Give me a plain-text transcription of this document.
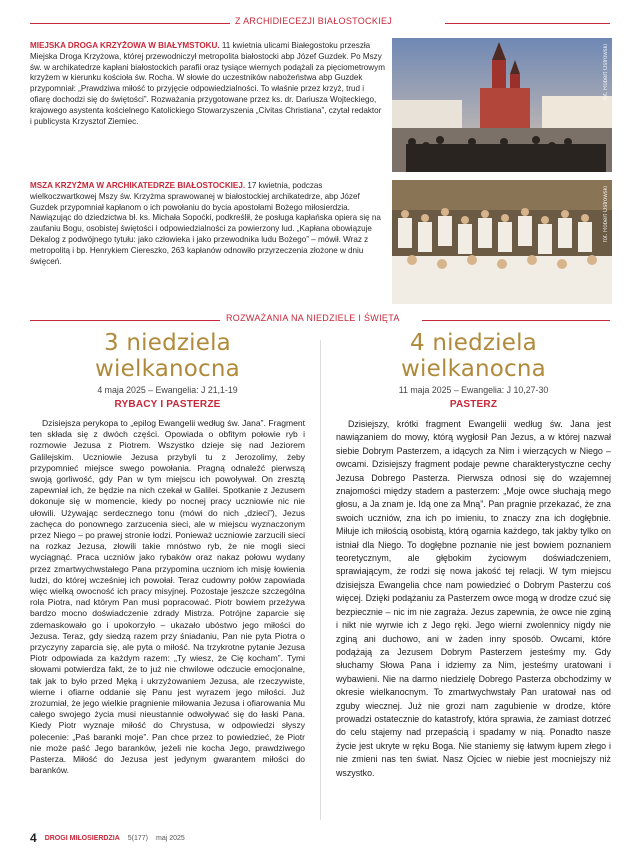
Z ARCHIDIECEZJI BIAŁOSTOCKIEJ
MIEJSKA DROGA KRZYŻOWA W BIAŁYMSTOKU. 11 kwietnia ulicami Białegostoku przeszła Miejska Droga Krzyżowa, której przewodniczył metropolita białostocki abp Józef Guzdek. Po Mszy św. w archikatedrze kapłani białostockich parafii oraz tysiące wiernych podążali za pięciometrowym krzyżem w kierunku kościoła św. Rocha. W słowie do uczestników nabożeństwa abp Guzdek przypomniał: „Prawdziwa miłość to przyjęcie odpowiedzialności. To właśnie przez krzyż, trud i ofiarę dochodzi się do świętości”. Rozważania przygotowane przez ks. dr. Dariusza Wojteckiego, krajowego asystenta kościelnego Katolickiego Stowarzyszenia „Civitas Christiana”, czytał redaktor i publicysta Krzysztof Ziemiec.
fot. Robert Ostrowski
MSZA KRZYŻMA W ARCHIKATEDRZE BIAŁOSTOCKIEJ. 17 kwietnia, podczas wielkoczwartkowej Mszy św. Krzyżma sprawowanej w białostockiej archikatedrze, abp Józef Guzdek przypomniał kapłanom o ich powołaniu do bycia apostołami Bożego miłosierdzia. Nawiązując do dziedzictwa bł. ks. Michała Sopoćki, podkreślił, że posługa kapłańska opiera się na zaufaniu Bogu, osobistej świętości i odpowiedzialności za powierzony lud. „Kapłana obowiązuje Dekalog z podwójnego tytułu: jako człowieka i jako przewodnika ludu Bożego” – mówił. Wraz z metropolitą i bp. Henrykiem Ciereszko, 263 kapłanów odnowiło przyrzeczenia złożone w dniu święceń.
fot. Robert Ostrowski
ROZWAŻANIA NA NIEDZIELE I ŚWIĘTA
3 niedziela wielkanocna
4 maja 2025 – Ewangelia: J 21,1-19
RYBACY I PASTERZE
Dzisiejsza perykopa to „epilog Ewangelii według św. Jana”. Fragment ten składa się z dwóch części. Opowiada o obfitym połowie ryb i rozmowie Jezusa z Piotrem. Wszystko dzieje się nad Jeziorem Galilejskim. Uczniowie Jezusa przybyli tu z Jerozolimy, żeby przypomnieć miejsce swego powołania. Pragną odnaleźć pierwszą swoją gorliwość, gdy Pan w tym miejscu ich powoływał. On zresztą zapewniał ich, że będzie na nich czekał w Galilei. Spotkanie z Jezusem dokonuje się w momencie, kiedy po nocnej pracy uczniowie nic nie ułowili. Używając serdecznego tonu (mówi do nich „dzieci”), Jezus zachęca do ponownego zarzucenia sieci, ale w miejscu wyznaczonym przez Niego – po prawej stronie łodzi. Ponieważ uczniowie zarzucili sieci na rozkaz Jezusa, złowili takie mnóstwo ryb, że nie mogli sieci wyciągnąć. Praca uczniów jako rybaków oraz nakaz połowu wydany przez zmartwychwstałego Pana przypomina uczniom ich misję łowienia ludzi, do której wcześniej ich powołał. Teraz cudowny połów zapowiada więc wielką owocność ich pracy misyjnej. Pozostaje jeszcze szczególna rola Piotra, nad którym Pan musi popracować. Piotr bowiem przeżywa bardzo mocno doświadczenie zdrady Mistrza. Potrójne zaparcie się zdemaskowało go i upokorzyło – ukazało ubóstwo jego miłości do Jezusa. Teraz, gdy siedzą razem przy śniadaniu, Pan nie pyta Piotra o przyczyny zaparcia się, ale pyta o miłość. Na trzykrotne pytanie Jezusa Piotr odpowiada za każdym razem: „Ty wiesz, że Cię kocham”. Tymi słowami potwierdza fakt, że to już nie chwilowe odczucie emocjonalne, tak jak to było przed Męką i ukrzyżowaniem Jezusa, ale rzeczywiste, wierne i ofiarne oddanie się Panu jest wyrazem jego miłości. Już zrozumiał, że jego wielkie pragnienie miłowania Jezusa i ofiarowania Mu całego swojego życia musi nieustannie odwoływać się do łaski Pana. Kiedy Piotr wyznaje miłość do Chrystusa, w odpowiedzi słyszy polecenie: „Paś baranki moje”. Pan chce przez to powiedzieć, że Piotr nie może paść Jego baranków, jeżeli nie kocha Jego, prawdziwego Pasterza. Miłość do Jezusa jest jedynym gwarantem miłości do baranków.
4 niedziela wielkanocna
11 maja 2025 – Ewangelia: J 10,27-30
PASTERZ
Dzisiejszy, krótki fragment Ewangelii według św. Jana jest nawiązaniem do mowy, którą wygłosił Pan Jezus, a w której nazwał siebie Dobrym Pasterzem, a idących za Nim i wierzących w Niego – owcami. Dzisiejszy fragment podaje pewne charakterystyczne cechy Jezusa Dobrego Pasterza. Pierwsza odnosi się do wzajemnej znajomości między stadem a pasterzem: „Moje owce słuchają mego głosu, a Ja znam je. Idą one za Mną”. Pan pragnie przekazać, że zna swoich uczniów, zna ich po imieniu, to znaczy zna ich dogłębnie. Miłuje ich miłością osobistą, którą ogarnia każdego, tak jakby tylko on istniał dla Niego. To dogłębne poznanie nie jest bowiem poznaniem teoretycznym, ale głębokim życiowym doświadczeniem, sprawiającym, że rodzi się nowa jakość tej relacji. W tym miejscu dzisiejsza Ewangelia chce nam powiedzieć o Dobrym Pasterzu coś więcej. Dzięki podążaniu za Pasterzem owce mogą w drodze czuć się bezpiecznie – nic im nie zagraża. Jezus zapewnia, że owce nie zginą i nikt nie wyrwie ich z Jego ręki. Jego wierni zwolennicy nigdy nie zginą ani duchowo, ani w żaden inny sposób. Owcami, które podążają za Jezusem Dobrym Pasterzem jesteśmy my. Gdy słuchamy Słowa Pana i idziemy za Nim, jesteśmy uratowani i wybawieni. Nie na darmo niedzielę Dobrego Pasterza obchodzimy w okresie wielkanocnym. To zmartwychwstały Pan uratował nas od zguby wiecznej. Już nie grozi nam zagubienie w drodze, które prowadzi ostatecznie do katastrofy, która sprawia, że zamiast dotrzeć do celu stajemy nad przepaścią i spadamy w nią. Ponadto nasze życie jest ukryte w ręku Boga. Nie staniemy się łatwym łupem złego i nie zmieni nas ten świat. Nasz Ojciec w niebie jest mocniejszy niż wszystko.
4 DROGI MIŁOSIERDZIA 5(177) maj 2025
